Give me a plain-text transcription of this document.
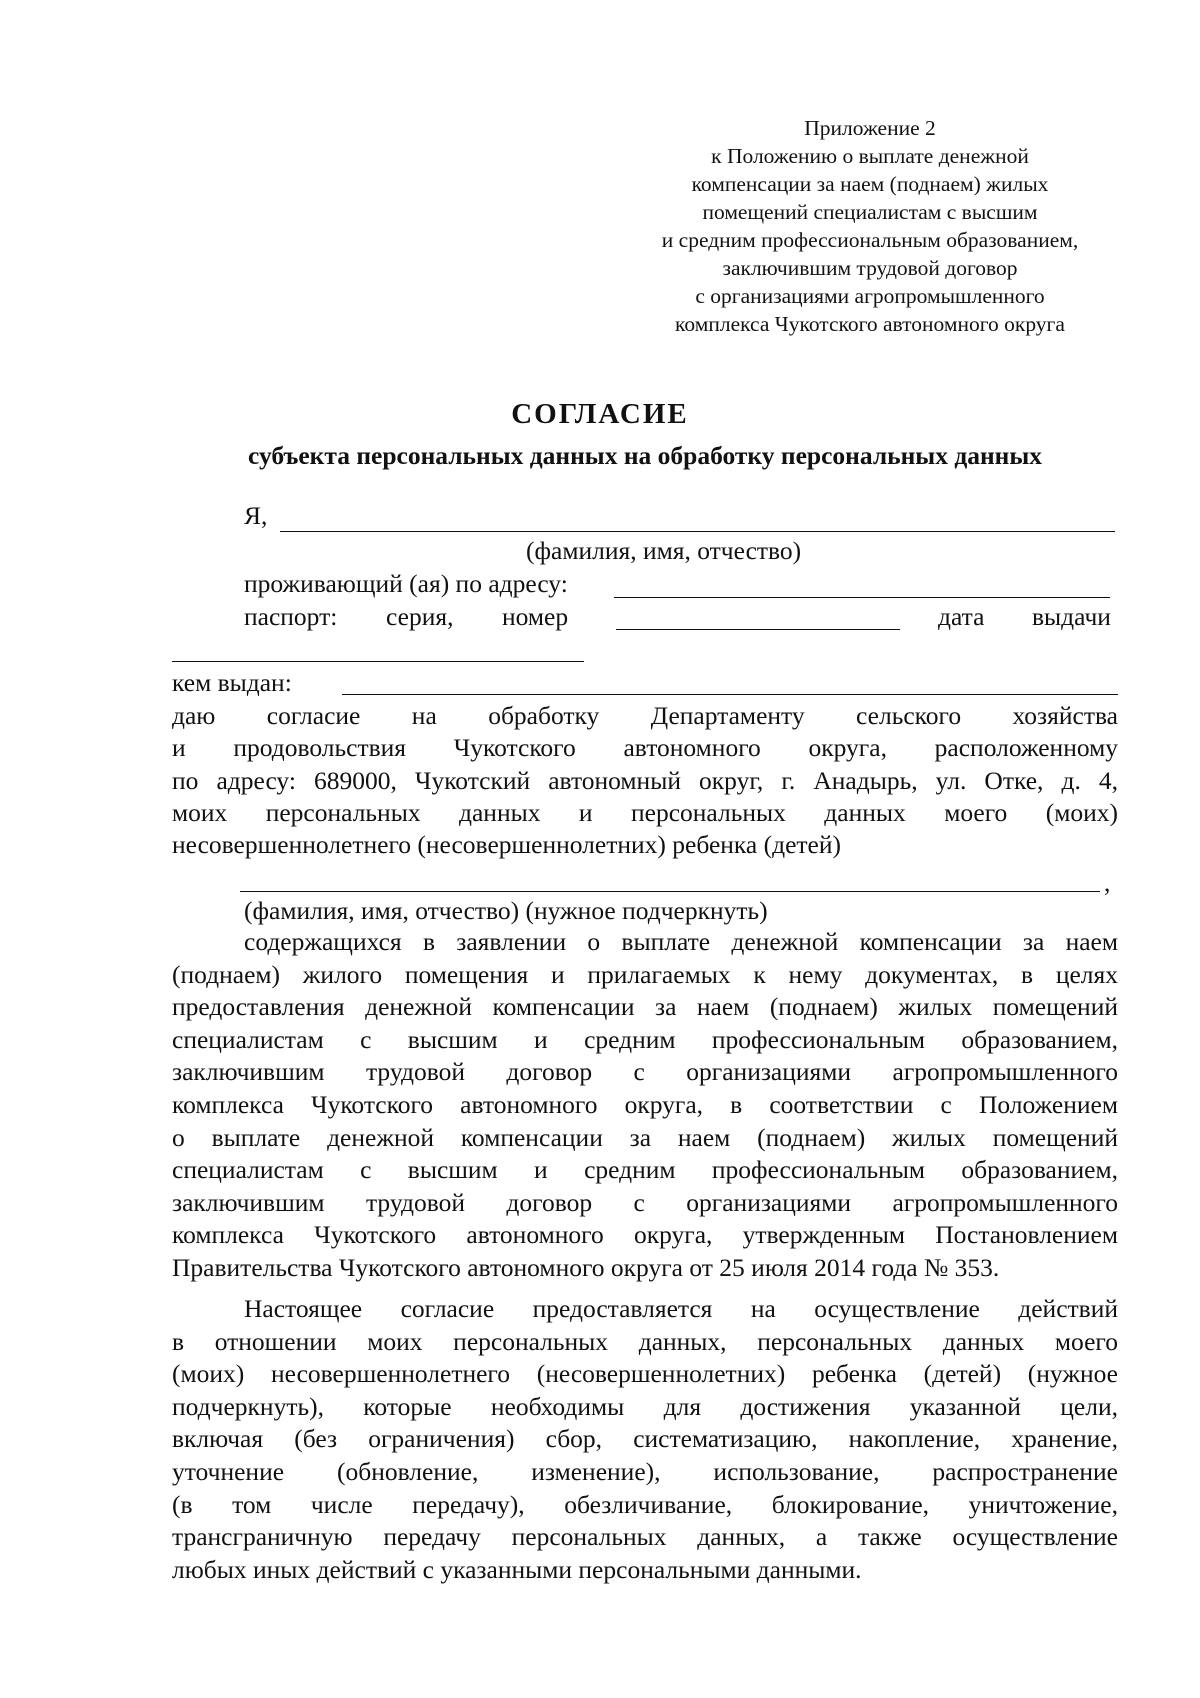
Приложение 2
к Положению о выплате денежной
компенсации за наем (поднаем) жилых
помещений специалистам с высшим
и средним профессиональным образованием,
заключившим трудовой договор
с организациями агропромышленного
комплекса Чукотского автономного округа
СОГЛАСИЕ
субъекта персональных данных на обработку персональных данных
Я,
(фамилия, имя, отчество)
проживающий (ая) по адресу:
паспорт: серия, номер	дата выдачи
кем выдан:
даю согласие на обработку Департаменту сельского хозяйства
и продовольствия Чукотского автономного округа, расположенному
по адресу: 689000, Чукотский автономный округ, г. Анадырь, ул. Отке, д. 4,
моих персональных данных и персональных данных моего (моих)
несовершеннолетнего (несовершеннолетних) ребенка (детей)
,
(фамилия, имя, отчество) (нужное подчеркнуть)
содержащихся в заявлении о выплате денежной компенсации за наем
(поднаем) жилого помещения и прилагаемых к нему документах, в целях
предоставления денежной компенсации за наем (поднаем) жилых помещений
специалистам с высшим и средним профессиональным образованием,
заключившим трудовой договор с организациями агропромышленного
комплекса Чукотского автономного округа, в соответствии с Положением
о выплате денежной компенсации за наем (поднаем) жилых помещений
специалистам с высшим и средним профессиональным образованием,
заключившим трудовой договор с организациями агропромышленного
комплекса Чукотского автономного округа, утвержденным Постановлением
Правительства Чукотского автономного округа от 25 июля 2014 года № 353.
Настоящее согласие предоставляется на осуществление действий
в отношении моих персональных данных, персональных данных моего
(моих) несовершеннолетнего (несовершеннолетних) ребенка (детей) (нужное
подчеркнуть), которые необходимы для достижения указанной цели,
включая (без ограничения) сбор, систематизацию, накопление, хранение,
уточнение (обновление, изменение), использование, распространение
(в том числе передачу), обезличивание, блокирование, уничтожение,
трансграничную передачу персональных данных, а также осуществление
любых иных действий с указанными персональными данными.
